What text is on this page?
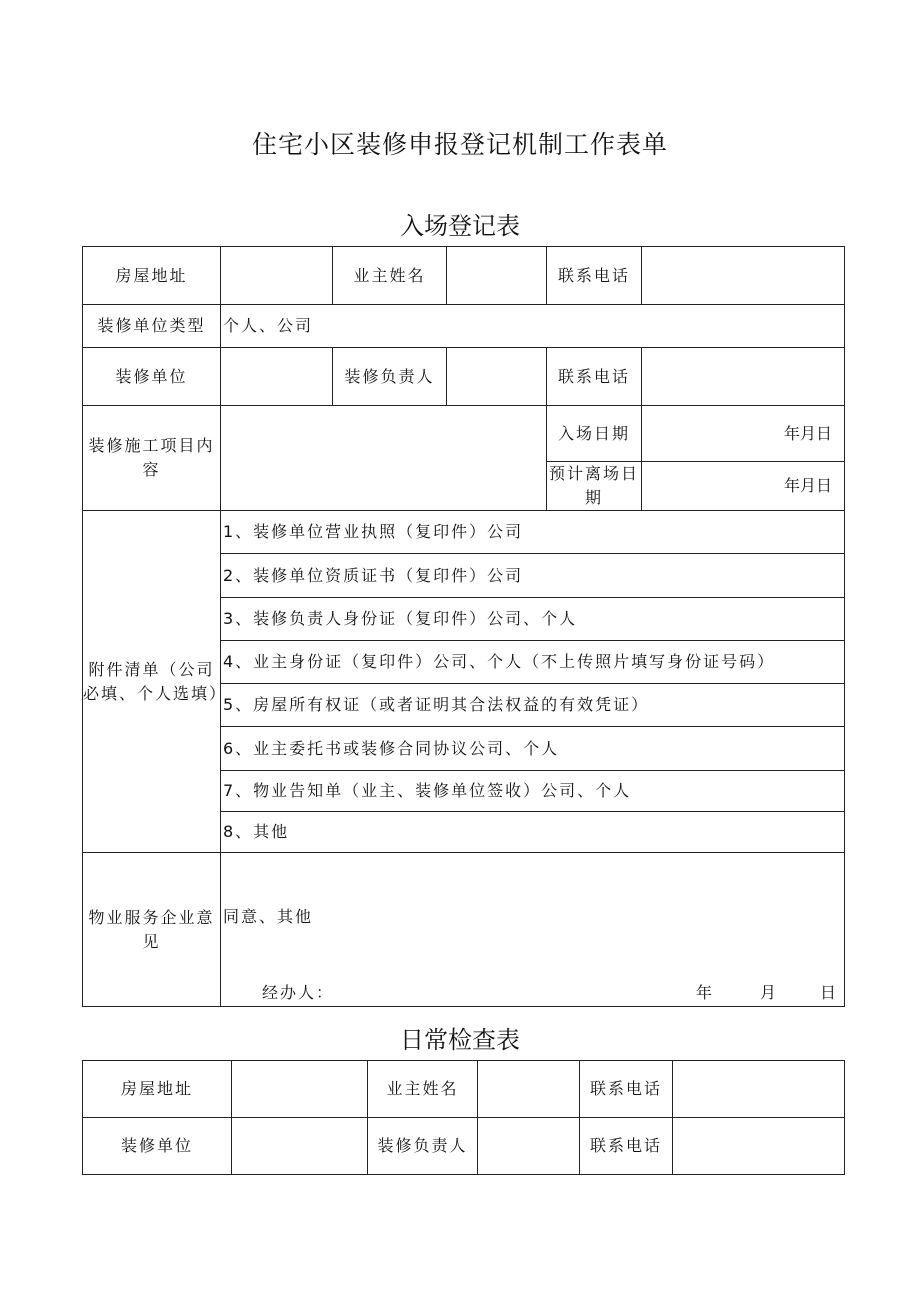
住宅小区装修申报登记机制工作表单
入场登记表
房屋地址		业主姓名		联系电话	
装修单位类型	个人、公司				
装修单位		装修负责人		联系电话	
装修施工项目内容				入场日期	年月日
				预计离场日期	年月日
附件清单（公司必填、个人选填）	1、装修单位营业执照（复印件）公司				
	2、装修单位资质证书（复印件）公司				
	3、装修负责人身份证（复印件）公司、个人				
	4、业主身份证（复印件）公司、个人（不上传照片填写身份证号码）				
	5、房屋所有权证（或者证明其合法权益的有效凭证）				
	6、业主委托书或装修合同协议公司、个人				
	7、物业告知单（业主、装修单位签收）公司、个人				
	8、其他				
物业服务企业意见	同意、其他				
经办人：	年	月	日
日常检查表
房屋地址		业主姓名		联系电话	
装修单位		装修负责人		联系电话	
